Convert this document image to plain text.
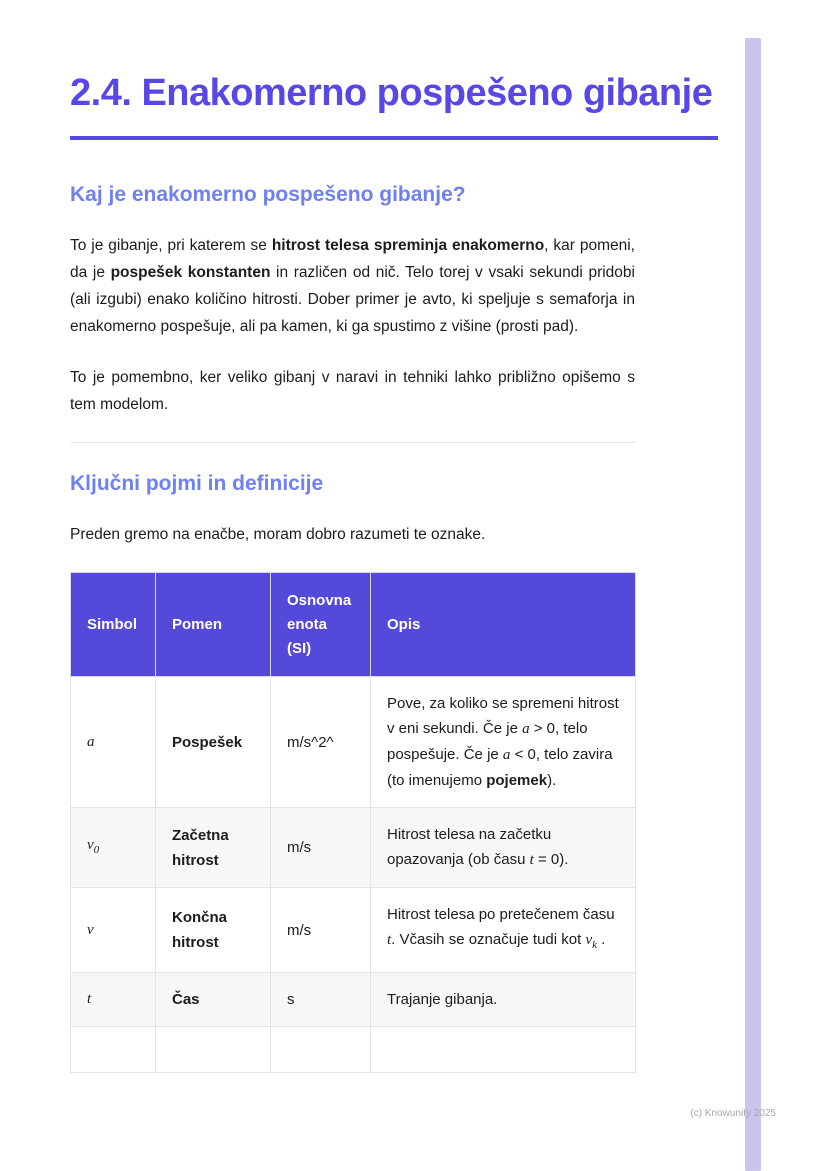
2.4. Enakomerno pospešeno gibanje
Kaj je enakomerno pospešeno gibanje?

To je gibanje, pri katerem se hitrost telesa spreminja enakomerno, kar pomeni, da je pospešek konstanten in različen od nič. Telo torej v vsaki sekundi pridobi (ali izgubi) enako količino hitrosti. Dober primer je avto, ki speljuje s semaforja in enakomerno pospešuje, ali pa kamen, ki ga spustimo z višine (prosti pad).

To je pomembno, ker veliko gibanj v naravi in tehniki lahko približno opišemo s tem modelom.

Ključni pojmi in definicije

Preden gremo na enačbe, moram dobro razumeti te oznake.

Simbol	Pomen	Osnovna enota (SI)	Opis
a	Pospešek	m/s^2^	Pove, za koliko se spremeni hitrost v eni sekundi. Če je a > 0, telo pospešuje. Če je a < 0, telo zavira (to imenujemo pojemek).
$v_0$	Začetna hitrost	m/s	Hitrost telesa na začetku opazovanja (ob času t = 0).
v	Končna hitrost	m/s	Hitrost telesa po pretečenem času t. Včasih se označuje tudi kot $v_k$ .
t	Čas	s	Trajanje gibanja.

(c) Knowunity 2025
